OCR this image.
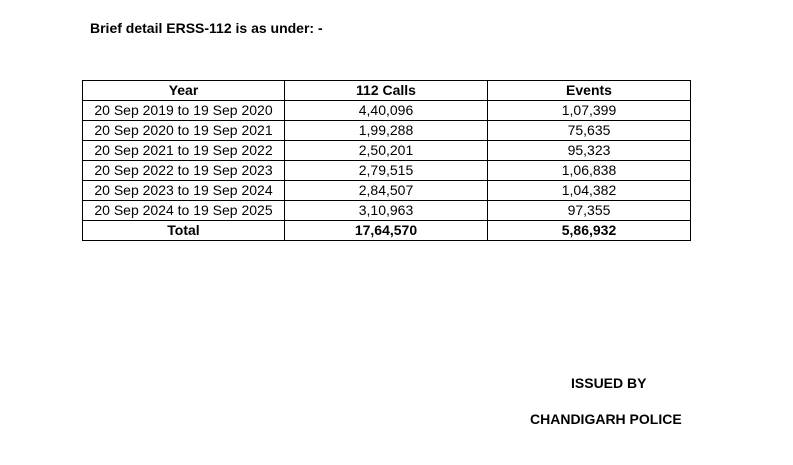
Brief detail ERSS-112 is as under: -
Year	112 Calls	Events
20 Sep 2019 to 19 Sep 2020	4,40,096	1,07,399
20 Sep 2020 to 19 Sep 2021	1,99,288	75,635
20 Sep 2021 to 19 Sep 2022	2,50,201	95,323
20 Sep 2022 to 19 Sep 2023	2,79,515	1,06,838
20 Sep 2023 to 19 Sep 2024	2,84,507	1,04,382
20 Sep 2024 to 19 Sep 2025	3,10,963	97,355
Total	17,64,570	5,86,932
ISSUED BY
CHANDIGARH POLICE
